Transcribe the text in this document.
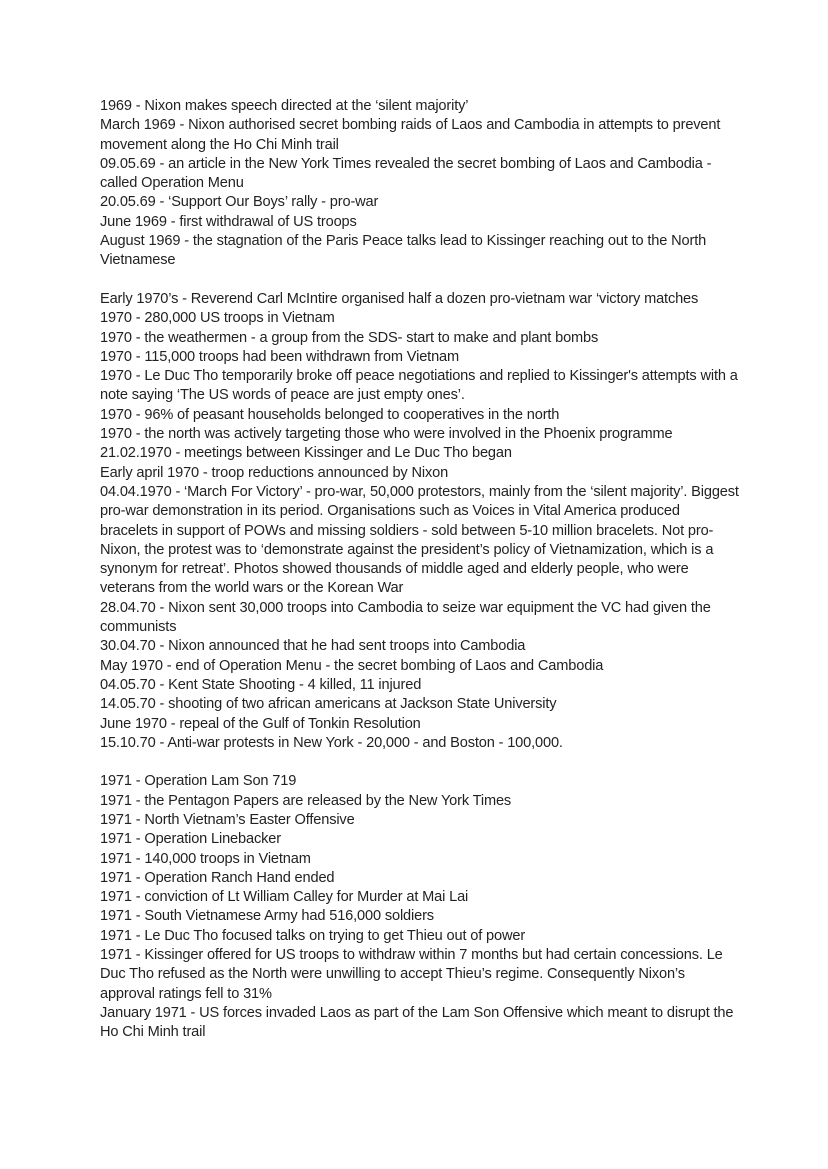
1969 - Nixon makes speech directed at the ‘silent majority’

March 1969 - Nixon authorised secret bombing raids of Laos and Cambodia in attempts to prevent movement along the Ho Chi Minh trail

09.05.69 - an article in the New York Times revealed the secret bombing of Laos and Cambodia - called Operation Menu

20.05.69 - ‘Support Our Boys’ rally - pro-war

June 1969 - first withdrawal of US troops

August 1969 - the stagnation of the Paris Peace talks lead to Kissinger reaching out to the North Vietnamese

Early 1970’s - Reverend Carl McIntire organised half a dozen pro-vietnam war ‘victory matches

1970 - 280,000 US troops in Vietnam

1970 - the weathermen - a group from the SDS- start to make and plant bombs

1970 - 115,000 troops had been withdrawn from Vietnam

1970 - Le Duc Tho temporarily broke off peace negotiations and replied to Kissinger's attempts with a note saying ‘The US words of peace are just empty ones’.

1970 - 96% of peasant households belonged to cooperatives in the north

1970 - the north was actively targeting those who were involved in the Phoenix programme

21.02.1970 - meetings between Kissinger and Le Duc Tho began

Early april 1970 - troop reductions announced by Nixon

04.04.1970 - ‘March For Victory’ - pro-war, 50,000 protestors, mainly from the ‘silent majority’. Biggest pro-war demonstration in its period. Organisations such as Voices in Vital America produced bracelets in support of POWs and missing soldiers - sold between 5-10 million bracelets. Not pro-Nixon, the protest was to ‘demonstrate against the president’s policy of Vietnamization, which is a synonym for retreat’. Photos showed thousands of middle aged and elderly people, who were veterans from the world wars or the Korean War

28.04.70 - Nixon sent 30,000 troops into Cambodia to seize war equipment the VC had given the communists

30.04.70 - Nixon announced that he had sent troops into Cambodia

May 1970 - end of Operation Menu - the secret bombing of Laos and Cambodia

04.05.70 - Kent State Shooting - 4 killed, 11 injured

14.05.70 - shooting of two african americans at Jackson State University

June 1970 - repeal of the Gulf of Tonkin Resolution

15.10.70 - Anti-war protests in New York - 20,000 - and Boston - 100,000.

1971 - Operation Lam Son 719

1971 - the Pentagon Papers are released by the New York Times

1971 - North Vietnam’s Easter Offensive

1971 - Operation Linebacker

1971 - 140,000 troops in Vietnam

1971 - Operation Ranch Hand ended

1971 - conviction of Lt William Calley for Murder at Mai Lai

1971 - South Vietnamese Army had 516,000 soldiers

1971 - Le Duc Tho focused talks on trying to get Thieu out of power

1971 - Kissinger offered for US troops to withdraw within 7 months but had certain concessions. Le Duc Tho refused as the North were unwilling to accept Thieu’s regime. Consequently Nixon’s approval ratings fell to 31%

January 1971 - US forces invaded Laos as part of the Lam Son Offensive which meant to disrupt the Ho Chi Minh trail
